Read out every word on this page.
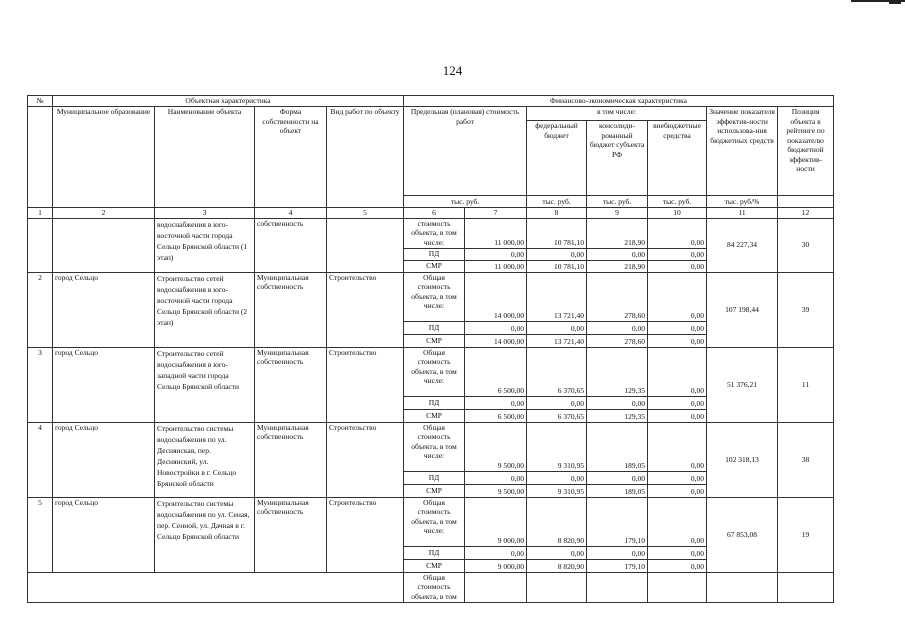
124
№	Объектная характеристика				Финансово-экономическая характеристика						
	Муниципальное образование	Наименование объекта	Форма собственности на объект	Вид работ по объекту	Предельная (плановая) стоимость работ		в том числе:			Значение показателя эффектив-ности использова-ния бюджетных средств	Позиция объекта в рейтинге по показателю бюджетной эффектив-ности
							федеральный бюджет	консолиди-рованный бюджет субъекта РФ	внебюджетные средства		
					тыс. руб.		тыс. руб.	тыс. руб.	тыс. руб.	тыс. руб/%	
1	2	3	4	5	6	7	8	9	10	11	12
		водоснабжения в юго-восточной части города Сельцо Брянской области (1 этап)	собственность		стоимость объекта, в том числе:	11 000,00	10 781,10	218,90	0,00	84 227,34	30
					ПД	0,00	0,00	0,00	0,00		
					СМР	11 000,00	10 781,10	218,90	0,00		
2	город Сельцо	Строительство сетей водоснабжения в юго-восточной части города Сельцо Брянской области (2 этап)	Муниципальная собственность	Строительство	Общая стоимость объекта, в том числе:	14 000,00	13 721,40	278,60	0,00	107 198,44	39
					ПД	0,00	0,00	0,00	0,00		
					СМР	14 000,00	13 721,40	278,60	0,00		
3	город Сельцо	Строительство сетей водоснабжения в юго-западной части города Сельцо Брянской области	Муниципальная собственность	Строительство	Общая стоимость объекта, в том числе:	6 500,00	6 370,65	129,35	0,00	51 376,21	11
					ПД	0,00	0,00	0,00	0,00		
					СМР	6 500,00	6 370,65	129,35	0,00		
4	город Сельцо	Строительство системы водоснабжения по ул. Деснянская, пер. Деснянский, ул. Новостройки в г. Сельцо Брянской области	Муниципальная собственность	Строительство	Общая стоимость объекта, в том числе:	9 500,00	9 310,95	189,05	0,00	102 318,13	38
					ПД	0,00	0,00	0,00	0,00		
					СМР	9 500,00	9 310,95	189,05	0,00		
5	город Сельцо	Строительство системы водоснабжения по ул. Сеная, пер. Сенной, ул. Дачная в г. Сельцо Брянской области	Муниципальная собственность	Строительство	Общая стоимость объекта, в том числе:	9 000,00	8 820,90	179,10	0,00	67 853,08	19
					ПД	0,00	0,00	0,00	0,00		
					СМР	9 000,00	8 820,90	179,10	0,00		
					Общая стоимость объекта, в том						
